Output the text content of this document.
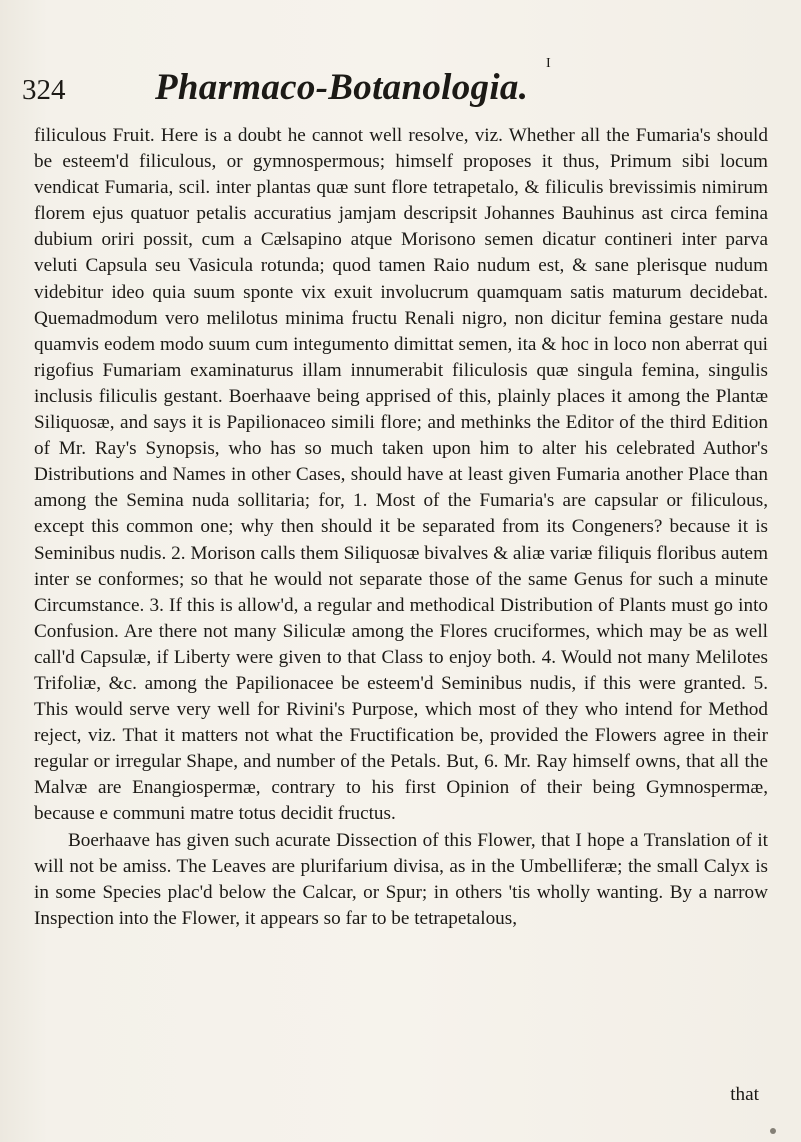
I
324 Pharmaco-Botanologia.

filiculous Fruit. Here is a doubt he cannot well resolve, viz. Whether all the Fumaria's should be esteem'd filiculous, or gymnospermous; himself proposes it thus, Primum sibi locum vendicat Fumaria, scil. inter plantas quæ sunt flore tetrapetalo, & filiculis brevissimis nimirum florem ejus quatuor petalis accuratius jamjam descripsit Johannes Bauhinus ast circa femina dubium oriri possit, cum a Cælsapino atque Morisono semen dicatur contineri inter parva veluti Capsula seu Vasicula rotunda; quod tamen Raio nudum est, & sane plerisque nudum videbitur ideo quia suum sponte vix exuit involucrum quamquam satis maturum decidebat. Quemadmodum vero melilotus minima fructu Renali nigro, non dicitur femina gestare nuda quamvis eodem modo suum cum integumento dimittat semen, ita & hoc in loco non aberrat qui rigofius Fumariam examinaturus illam innumerabit filiculosis quæ singula femina, singulis inclusis filiculis gestant. Boerhaave being apprised of this, plainly places it among the Plantæ Siliquosæ, and says it is Papilionaceo simili flore; and methinks the Editor of the third Edition of Mr. Ray's Synopsis, who has so much taken upon him to alter his celebrated Author's Distributions and Names in other Cases, should have at least given Fumaria another Place than among the Semina nuda sollitaria; for, 1. Most of the Fumaria's are capsular or filiculous, except this common one; why then should it be separated from its Congeners? because it is Seminibus nudis. 2. Morison calls them Siliquosæ bivalves & aliæ variæ filiquis floribus autem inter se conformes; so that he would not separate those of the same Genus for such a minute Circumstance. 3. If this is allow'd, a regular and methodical Distribution of Plants must go into Confusion. Are there not many Siliculæ among the Flores cruciformes, which may be as well call'd Capsulæ, if Liberty were given to that Class to enjoy both. 4. Would not many Melilotes Trifoliæ, &c. among the Papilionacee be esteem'd Seminibus nudis, if this were granted. 5. This would serve very well for Rivini's Purpose, which most of they who intend for Method reject, viz. That it matters not what the Fructification be, provided the Flowers agree in their regular or irregular Shape, and number of the Petals. But, 6. Mr. Ray himself owns, that all the Malvæ are Enangiospermæ, contrary to his first Opinion of their being Gymnospermæ, because e communi matre totus decidit fructus.

Boerhaave has given such acurate Dissection of this Flower, that I hope a Translation of it will not be amiss. The Leaves are plurifarium divisa, as in the Umbelliferæ; the small Calyx is in some Species plac'd below the Calcar, or Spur; in others 'tis wholly wanting. By a narrow Inspection into the Flower, it appears so far to be tetrapetalous,

that
